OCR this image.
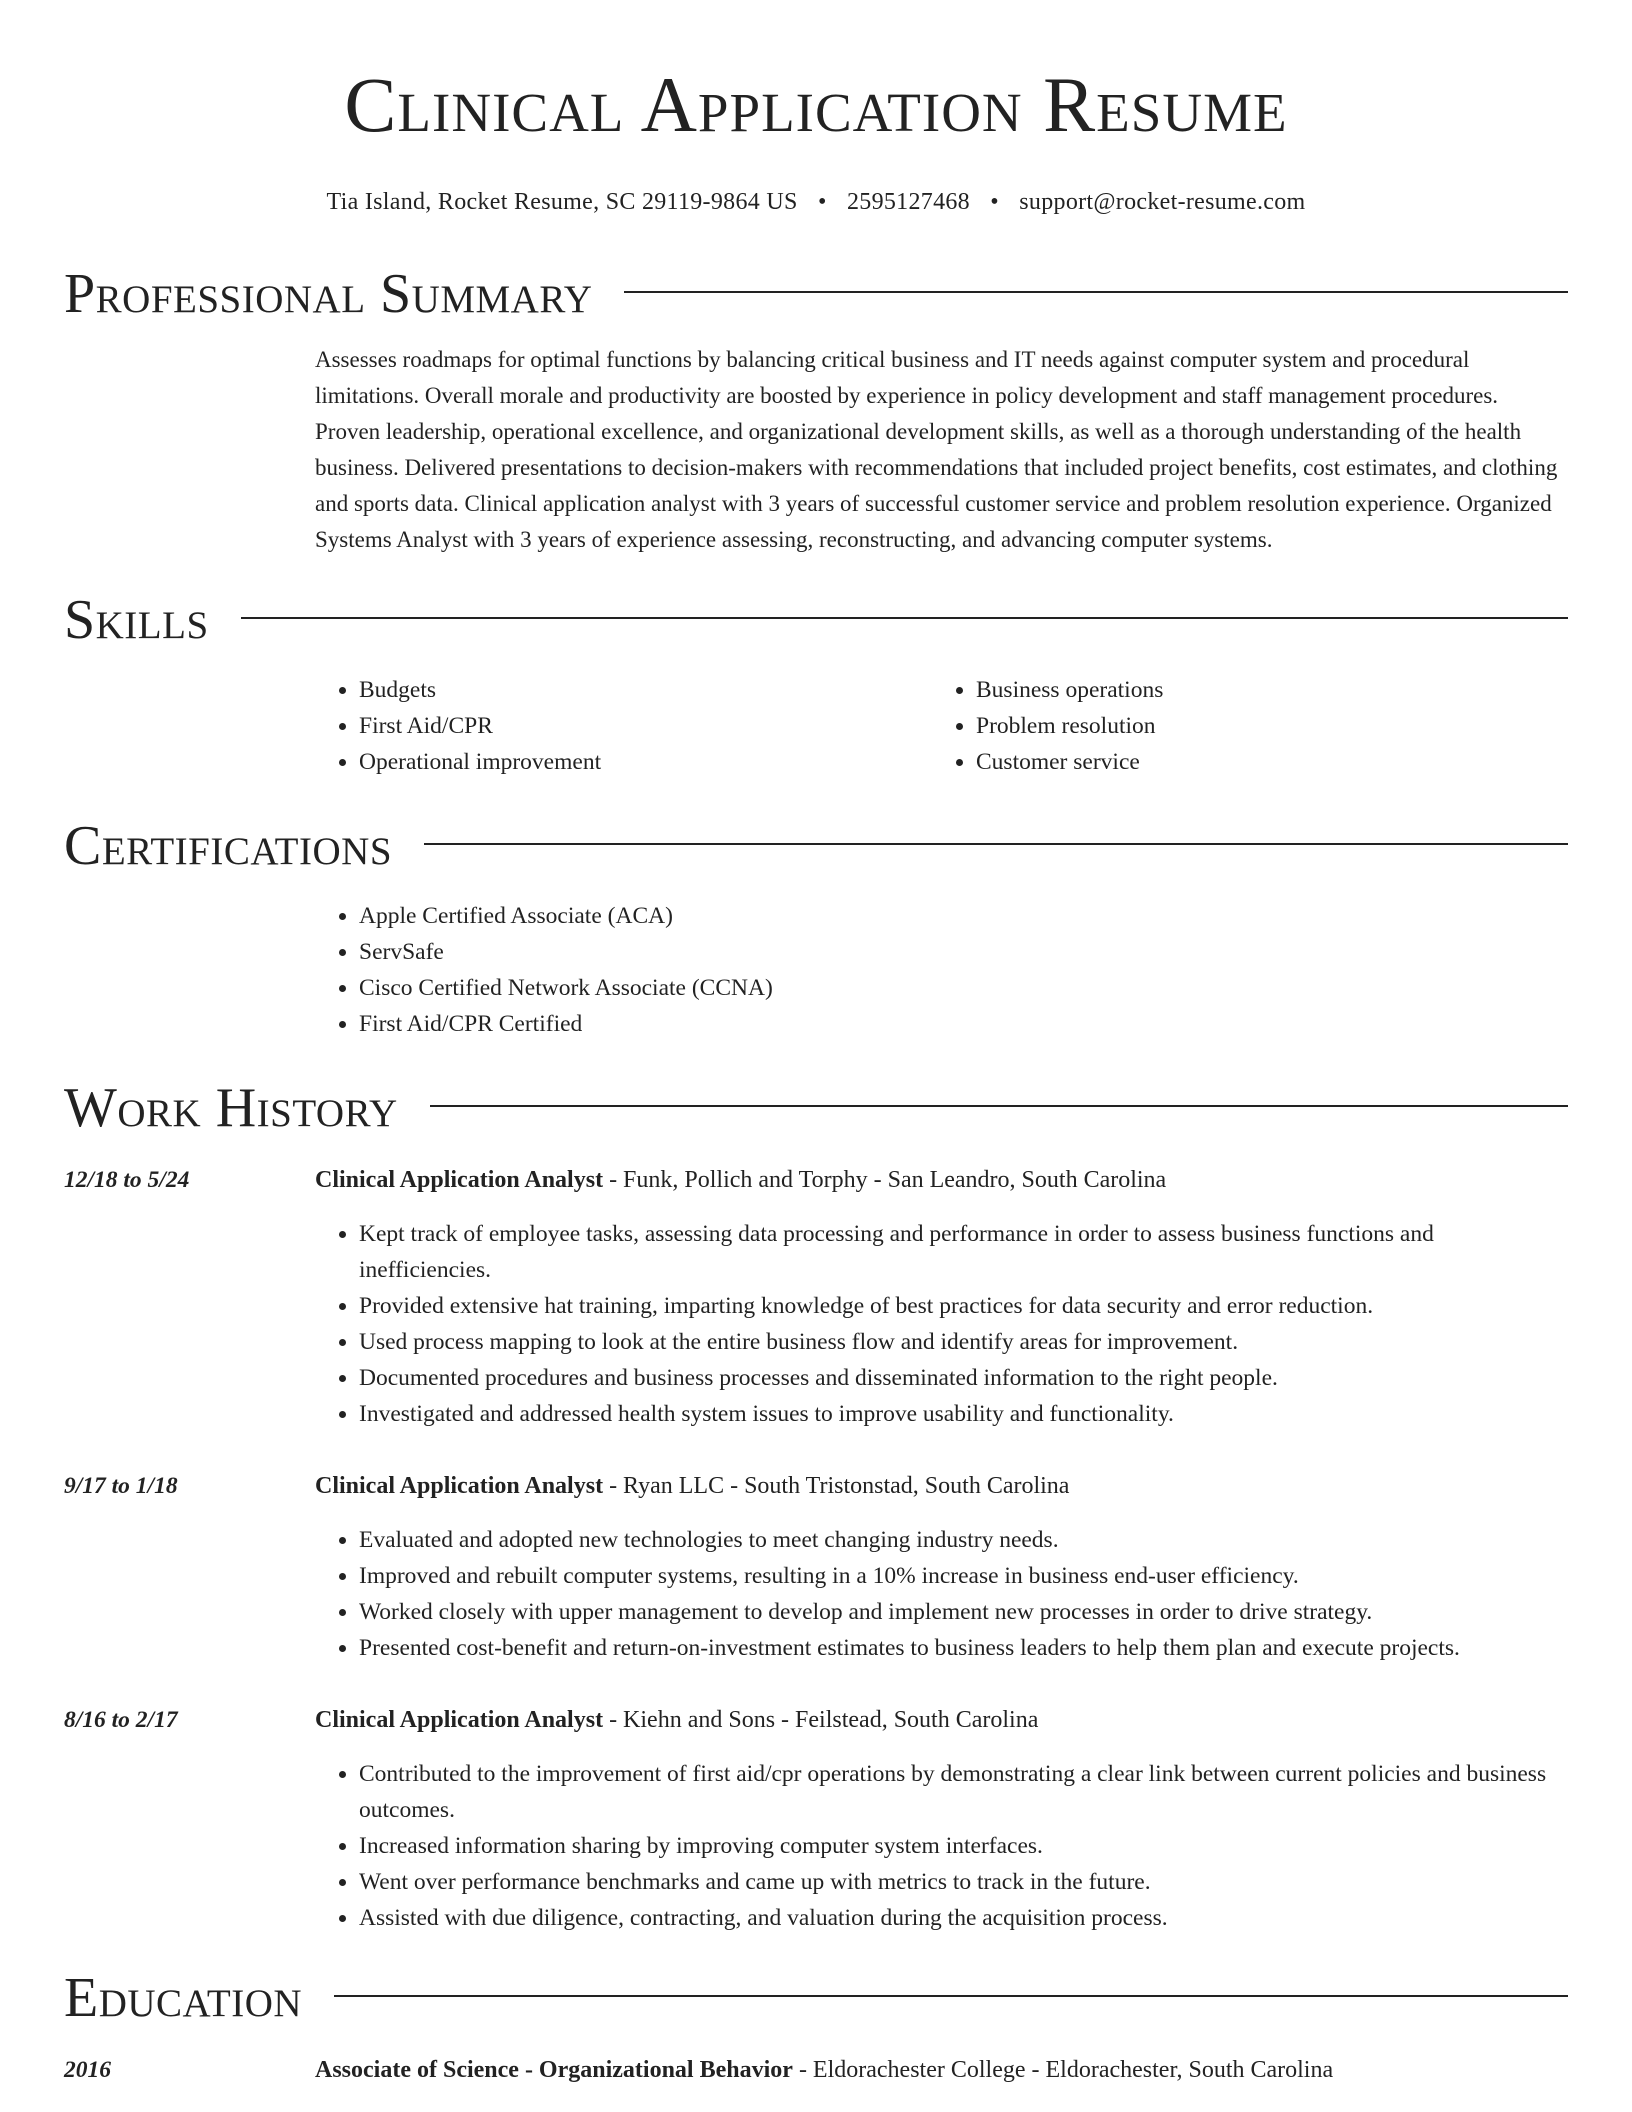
Clinical Application Resume
Tia Island, Rocket Resume, SC 29119-9864 US • 2595127468 • support@rocket-resume.com
Professional Summary

Assesses roadmaps for optimal functions by balancing critical business and IT needs against computer system and procedural limitations. Overall morale and productivity are boosted by experience in policy development and staff management procedures. Proven leadership, operational excellence, and organizational development skills, as well as a thorough understanding of the health business. Delivered presentations to decision-makers with recommendations that included project benefits, cost estimates, and clothing and sports data. Clinical application analyst with 3 years of successful customer service and problem resolution experience. Organized Systems Analyst with 3 years of experience assessing, reconstructing, and advancing computer systems.

Skills
• Budgets
• First Aid/CPR
• Operational improvement
• Business operations
• Problem resolution
• Customer service
Certifications
• Apple Certified Associate (ACA)
• ServSafe
• Cisco Certified Network Associate (CCNA)
• First Aid/CPR Certified
Work History
12/18 to 5/24	Clinical Application Analyst - Funk, Pollich and Torphy - San Leandro, South Carolina
• Kept track of employee tasks, assessing data processing and performance in order to assess business functions and inefficiencies.
• Provided extensive hat training, imparting knowledge of best practices for data security and error reduction.
• Used process mapping to look at the entire business flow and identify areas for improvement.
• Documented procedures and business processes and disseminated information to the right people.
• Investigated and addressed health system issues to improve usability and functionality.
9/17 to 1/18	Clinical Application Analyst - Ryan LLC - South Tristonstad, South Carolina
• Evaluated and adopted new technologies to meet changing industry needs.
• Improved and rebuilt computer systems, resulting in a 10% increase in business end-user efficiency.
• Worked closely with upper management to develop and implement new processes in order to drive strategy.
• Presented cost-benefit and return-on-investment estimates to business leaders to help them plan and execute projects.
8/16 to 2/17	Clinical Application Analyst - Kiehn and Sons - Feilstead, South Carolina
• Contributed to the improvement of first aid/cpr operations by demonstrating a clear link between current policies and business outcomes.
• Increased information sharing by improving computer system interfaces.
• Went over performance benchmarks and came up with metrics to track in the future.
• Assisted with due diligence, contracting, and valuation during the acquisition process.
Education
2016	Associate of Science - Organizational Behavior - Eldorachester College - Eldorachester, South Carolina
